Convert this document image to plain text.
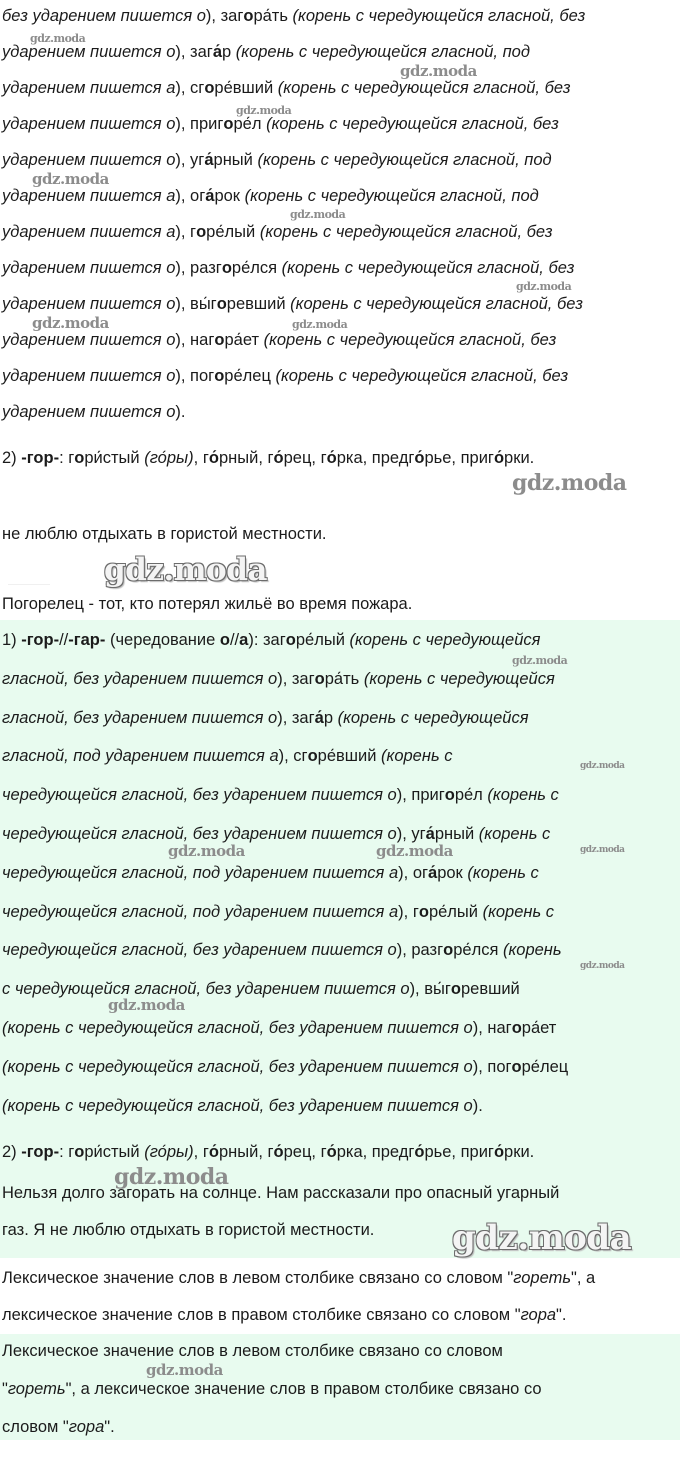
без ударением пишется о), загора́ть (корень с чередующейся гласной, без
ударением пишется о), зага́р (корень с чередующейся гласной, под
ударением пишется а), сгоре́вший (корень с чередующейся гласной, без
ударением пишется о), пригоре́л (корень с чередующейся гласной, без
ударением пишется о), уга́рный (корень с чередующейся гласной, под
ударением пишется а), ога́рок (корень с чередующейся гласной, под
ударением пишется а), горе́лый (корень с чередующейся гласной, без
ударением пишется о), разгоре́лся (корень с чередующейся гласной, без
ударением пишется о), вы́горевший (корень с чередующейся гласной, без
ударением пишется о), нагора́ет (корень с чередующейся гласной, без
ударением пишется о), погоре́лец (корень с чередующейся гласной, без
ударением пишется о).
2) -гор-: гори́стый (го́ры), го́рный, го́рец, го́рка, предго́рье, приго́рки.
не люблю отдыхать в гористой местности.
Погорелец - тот, кто потерял жильё во время пожара.
1) -гор-//-гар- (чередование о//а): загоре́лый (корень с чередующейся
гласной, без ударением пишется о), загора́ть (корень с чередующейся
гласной, без ударением пишется о), зага́р (корень с чередующейся
гласной, под ударением пишется а), сгоре́вший (корень с
чередующейся гласной, без ударением пишется о), пригоре́л (корень с
чередующейся гласной, без ударением пишется о), уга́рный (корень с
чередующейся гласной, под ударением пишется а), ога́рок (корень с
чередующейся гласной, под ударением пишется а), горе́лый (корень с
чередующейся гласной, без ударением пишется о), разгоре́лся (корень
с чередующейся гласной, без ударением пишется о), вы́горевший
(корень с чередующейся гласной, без ударением пишется о), нагора́ет
(корень с чередующейся гласной, без ударением пишется о), погоре́лец
(корень с чередующейся гласной, без ударением пишется о).
2) -гор-: гори́стый (го́ры), го́рный, го́рец, го́рка, предго́рье, приго́рки.
Нельзя долго загорать на солнце. Нам рассказали про опасный угарный
газ. Я не люблю отдыхать в гористой местности.
Лексическое значение слов в левом столбике связано со словом "гореть", а
лексическое значение слов в правом столбике связано со словом "гора".
Лексическое значение слов в левом столбике связано со словом
"гореть", а лексическое значение слов в правом столбике связано со
словом "гора".
gdz.moda
gdz.moda
gdz.moda
gdz.moda
gdz.moda
gdz.moda
gdz.moda	gdz.moda
gdz.moda
gdz.moda
gdz.moda
gdz.moda
gdz.moda	gdz.moda	gdz.moda
gdz.moda
gdz.moda
gdz.moda
gdz.moda
gdz.moda
